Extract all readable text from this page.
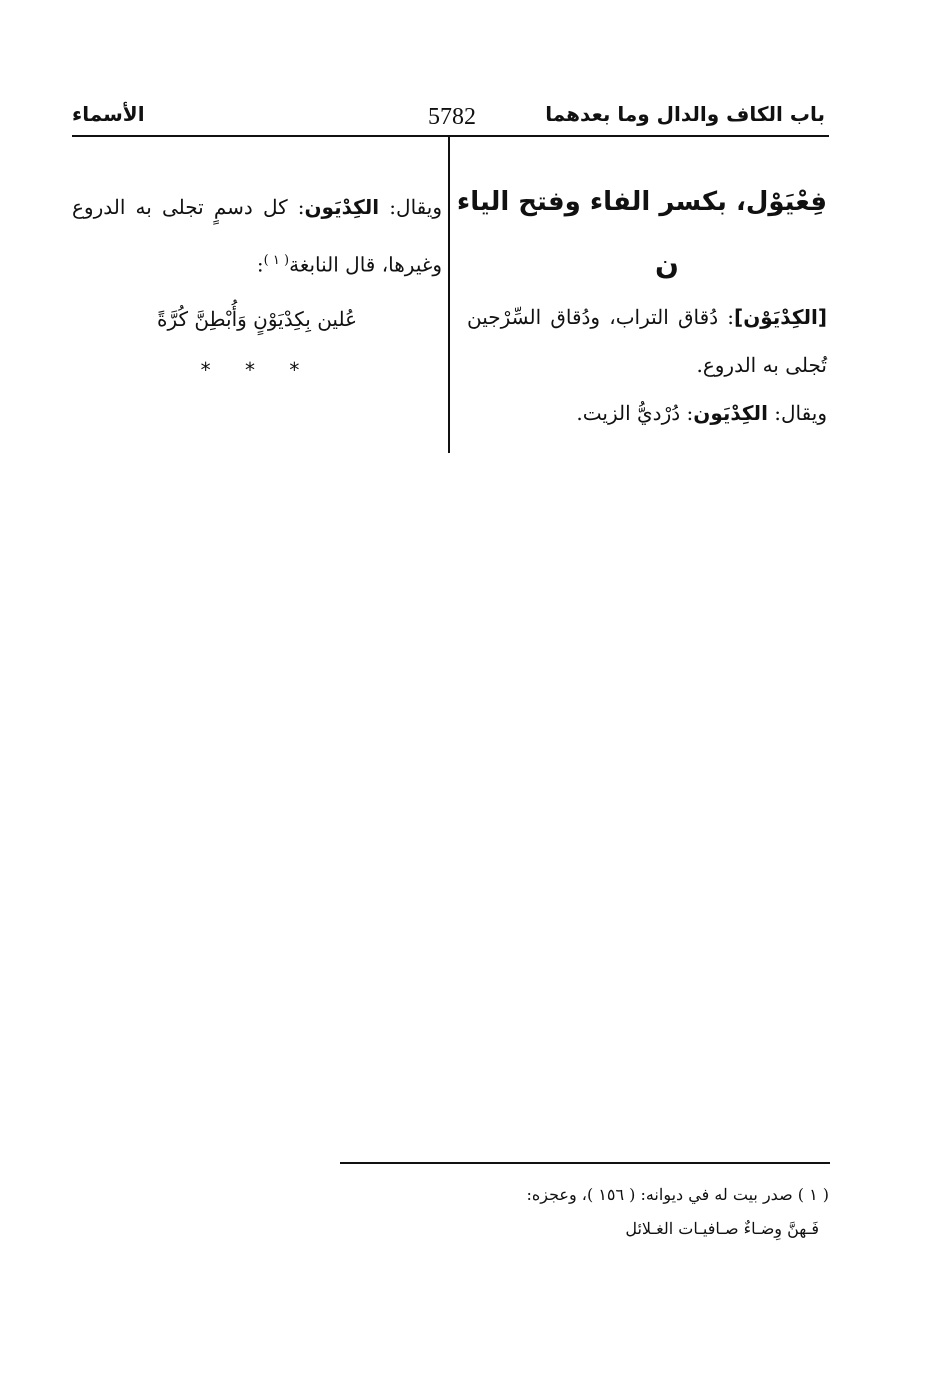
باب الكاف والدال وما بعدهما
5782
الأسماء
فِعْيَوْل، بكسر الفاء وفتح الياء
ن
[الكِدْيَوْن]: دُقاق التراب، ودُقاق السِّرْجين تُجلى به الدروع.
ويقال: الكِدْيَون: دُرْديُّ الزيت.
ويقال: الكِدْيَون: كل دسمٍ تجلى به الدروع وغيرها، قال النابغة$^{( ١ )}$:
عُلين بِكِدْيَوْنٍ وَأُبْطِنَّ كُرَّةً
* * *
( ١ ) صدر بيت له في ديوانه: ( ١٥٦ )، وعجزه:
فَـهنَّ وِضـاءٌ صـافيـات الغـلائل
